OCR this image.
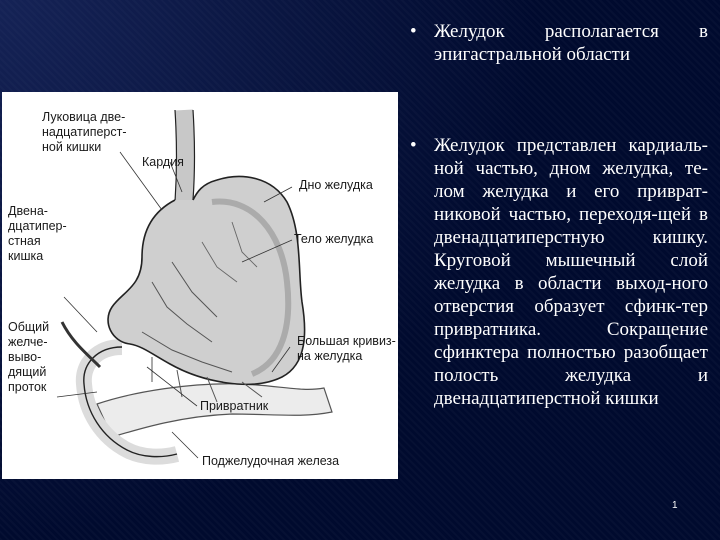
Луковица две-
надцатиперст-
ной кишки
Кардия
Дно желудка
Двена-
дцатипер-
стная
кишка
Тело желудка
Общий
желче-
выво-
дящий
проток
Большая кривиз-
на желудка
Привратник
Поджелудочная железа
• Желудок располагается в эпигастральной области
• Желудок представлен кардиаль-ной частью, дном желудка, те-лом желудка и его приврат-никовой частью, переходя-щей в двенадцатиперстную кишку. Круговой мышечный слой желудка в области выход-ного отверстия образует сфинк-тер привратника. Сокращение сфинктера полностью разобщает полость желудка и двенадцатиперстной кишки
1
